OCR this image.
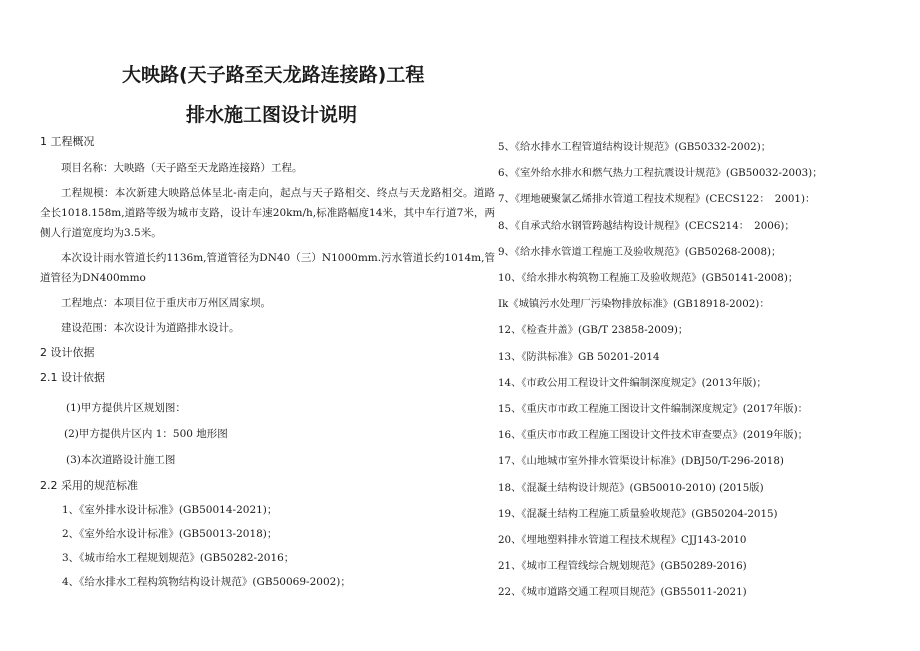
大映路(天子路至天龙路连接路)工程
排水施工图设计说明
1 工程概况
项目名称：大映路（天子路至天龙路连接路）工程。
工程规模：本次新建大映路总体呈北-南走向，起点与天子路相交、终点与天龙路相交。道路全长1018.158m,道路等级为城市支路，设计车速20km/h,标准路幅度14米，其中车行道7米，两侧人行道宽度均为3.5米。
本次设计雨水管道长约1136m,管道管径为DN40（三）N1000mm.污水管道长约1014m,管道管径为DN400mmo
工程地点：本项目位于重庆市万州区周家坝。
建设范围：本次设计为道路排水设计。
2 设计依据
2.1 设计依据
(1)甲方提供片区规划图：
(2)甲方提供片区内 1：500 地形图
(3)本次道路设计施工图
2.2 采用的规范标准
1、《室外排水设计标准》(GB50014-2021)；
2、《室外给水设计标准》(GB50013-2018)；
3、《城市给水工程规划规范》(GB50282-2016；
4、《给水排水工程构筑物结构设计规范》(GB50069-2002)；
5、《给水排水工程管道结构设计规范》(GB50332-2002)；
6、《室外给水排水和燃气热力工程抗震设计规范》(GB50032-2003)；
7、《埋地硬聚氯乙烯排水管道工程技术规程》(CECS122：　2001)：
8、《自承式给水钢管跨越结构设计规程》(CECS214：　2006)；
9、《给水排水管道工程施工及验收规范》(GB50268-2008)；
10、《给水排水构筑物工程施工及验收规范》(GB50141-2008)；
Ik《城镇污水处理厂污染物排放标准》(GB18918-2002)：
12、《检查井盖》(GB/T 23858-2009)；
13、《防洪标准》GB 50201-2014
14、《市政公用工程设计文件编制深度规定》(2013年版)；
15、《重庆市市政工程施工图设计文件编制深度规定》(2017年版)：
16、《重庆市市政工程施工图设计文件技术审查要点》(2019年版)；
17、《山地城市室外排水管渠设计标准》(DBJ50/T-296-2018)
18、《混凝土结构设计规范》(GB50010-2010) (2015版)
19、《混凝土结构工程施工质量验收规范》(GB50204-2015)
20、《埋地塑料排水管道工程技术规程》CJJ143-2010
21、《城市工程管线综合规划规范》(GB50289-2016)
22、《城市道路交通工程项目规范》(GB55011-2021)
